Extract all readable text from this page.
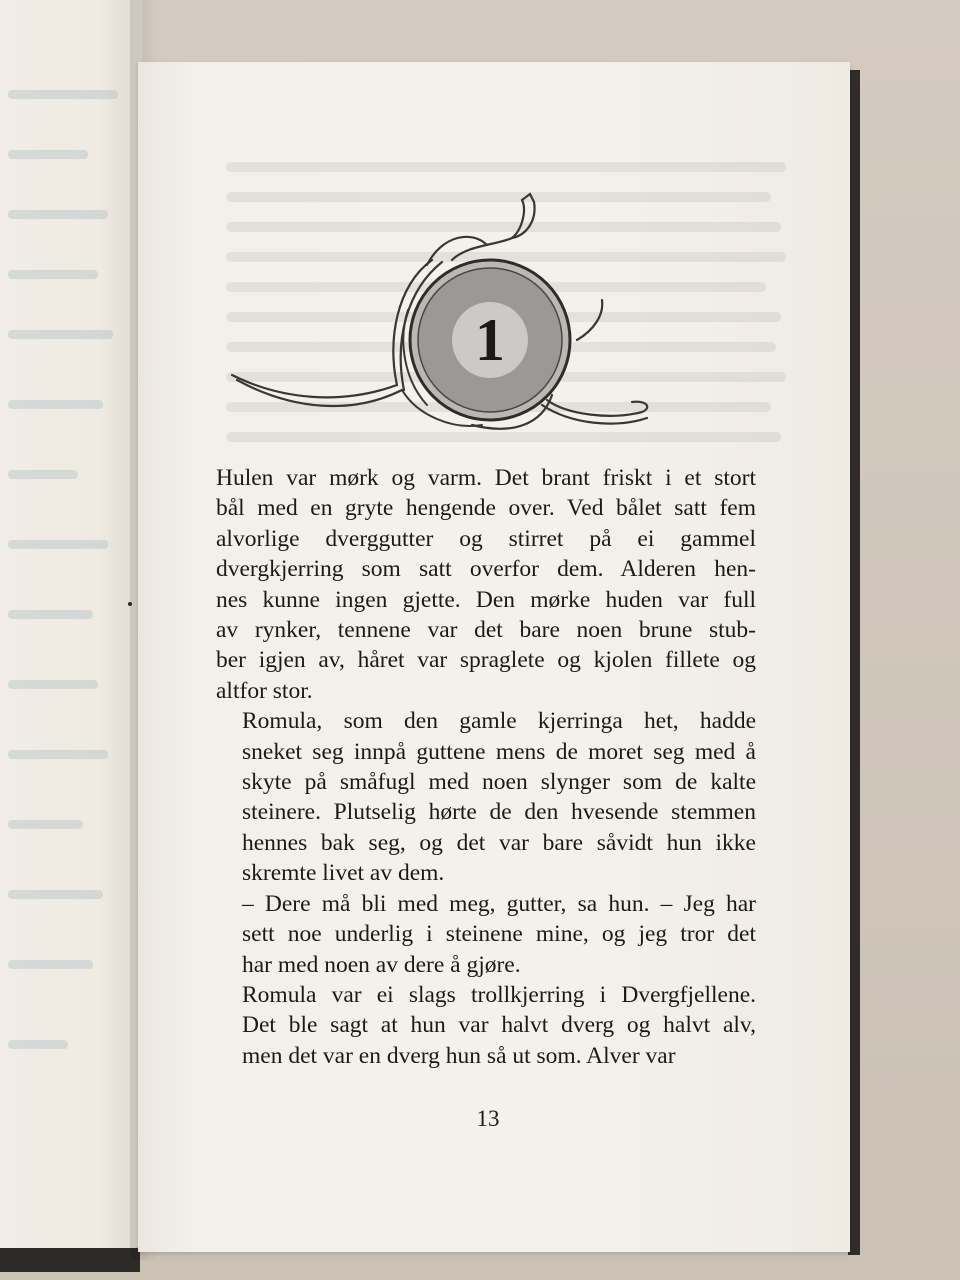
1

Hulen var mørk og varm. Det brant friskt i et stort
bål med en gryte hengende over. Ved bålet satt fem
alvorlige dverggutter og stirret på ei gammel
dvergkjerring som satt overfor dem. Alderen hen-
nes kunne ingen gjette. Den mørke huden var full
av rynker, tennene var det bare noen brune stub-
ber igjen av, håret var spraglete og kjolen fillete og
altfor stor.

Romula, som den gamle kjerringa het, hadde
sneket seg innpå guttene mens de moret seg med å
skyte på småfugl med noen slynger som de kalte
steinere. Plutselig hørte de den hvesende stemmen
hennes bak seg, og det var bare såvidt hun ikke
skremte livet av dem.

– Dere må bli med meg, gutter, sa hun. – Jeg har
sett noe underlig i steinene mine, og jeg tror det
har med noen av dere å gjøre.

Romula var ei slags trollkjerring i Dvergfjellene.
Det ble sagt at hun var halvt dverg og halvt alv,
men det var en dverg hun så ut som. Alver var

13
